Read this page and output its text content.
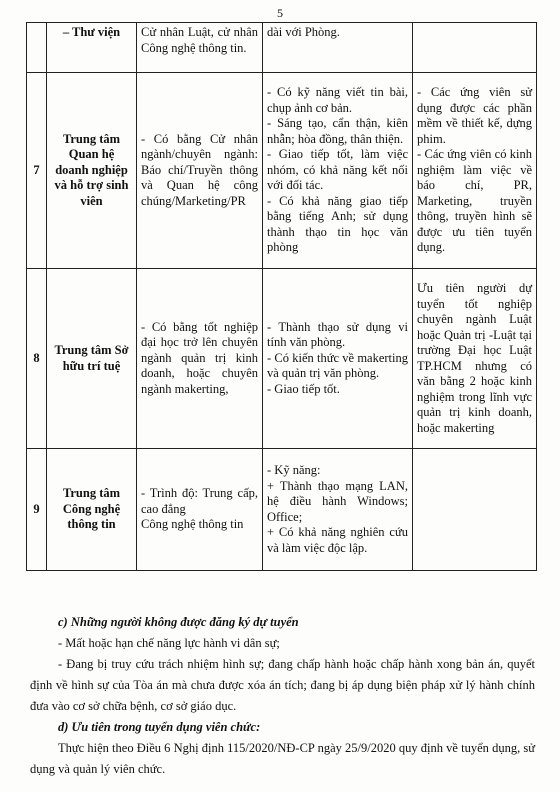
5
	– Thư viện	Cử nhân Luật, cử nhân Công nghệ thông tin.	dài với Phòng.	

7	Trung tâm Quan hệ doanh nghiệp và hỗ trợ sinh viên	- Có bằng Cử nhân ngành/chuyên ngành: Báo chí/Truyền thông và Quan hệ công chúng/Marketing/PR	- Có kỹ năng viết tin bài, chụp ảnh cơ bản.
- Sáng tạo, cẩn thận, kiên nhẫn; hòa đồng, thân thiện.
- Giao tiếp tốt, làm việc nhóm, có khả năng kết nối với đối tác.
- Có khả năng giao tiếp bằng tiếng Anh; sử dụng thành thạo tin học văn phòng	- Các ứng viên sử dụng được các phần mềm về thiết kế, dựng phim.
- Các ứng viên có kinh nghiệm làm việc về báo chí, PR, Marketing, truyền thông, truyền hình sẽ được ưu tiên tuyển dụng.

8	Trung tâm Sở hữu trí tuệ	- Có bằng tốt nghiệp đại học trở lên chuyên ngành quản trị kinh doanh, hoặc chuyên ngành makerting,	- Thành thạo sử dụng vi tính văn phòng.
- Có kiến thức về makerting và quản trị văn phòng.
- Giao tiếp tốt.	Ưu tiên người dự tuyển tốt nghiệp chuyên ngành Luật hoặc Quản trị -Luật tại trường Đại học Luật TP.HCM nhưng có văn bằng 2 hoặc kinh nghiệm trong lĩnh vực quản trị kinh doanh, hoặc makerting

9	Trung tâm Công nghệ thông tin	- Trình độ: Trung cấp, cao đẳng
Công nghệ thông tin	- Kỹ năng:
+ Thành thạo mạng LAN, hệ điều hành Windows; Office;
+ Có khả năng nghiên cứu và làm việc độc lập.	

c) Những người không được đăng ký dự tuyển

- Mất hoặc hạn chế năng lực hành vi dân sự;

- Đang bị truy cứu trách nhiệm hình sự; đang chấp hành hoặc chấp hành xong bản án, quyết định về hình sự của Tòa án mà chưa được xóa án tích; đang bị áp dụng biện pháp xử lý hành chính đưa vào cơ sở chữa bệnh, cơ sở giáo dục.

d) Ưu tiên trong tuyển dụng viên chức:

Thực hiện theo Điều 6 Nghị định 115/2020/NĐ-CP ngày 25/9/2020 quy định về tuyển dụng, sử dụng và quản lý viên chức.
